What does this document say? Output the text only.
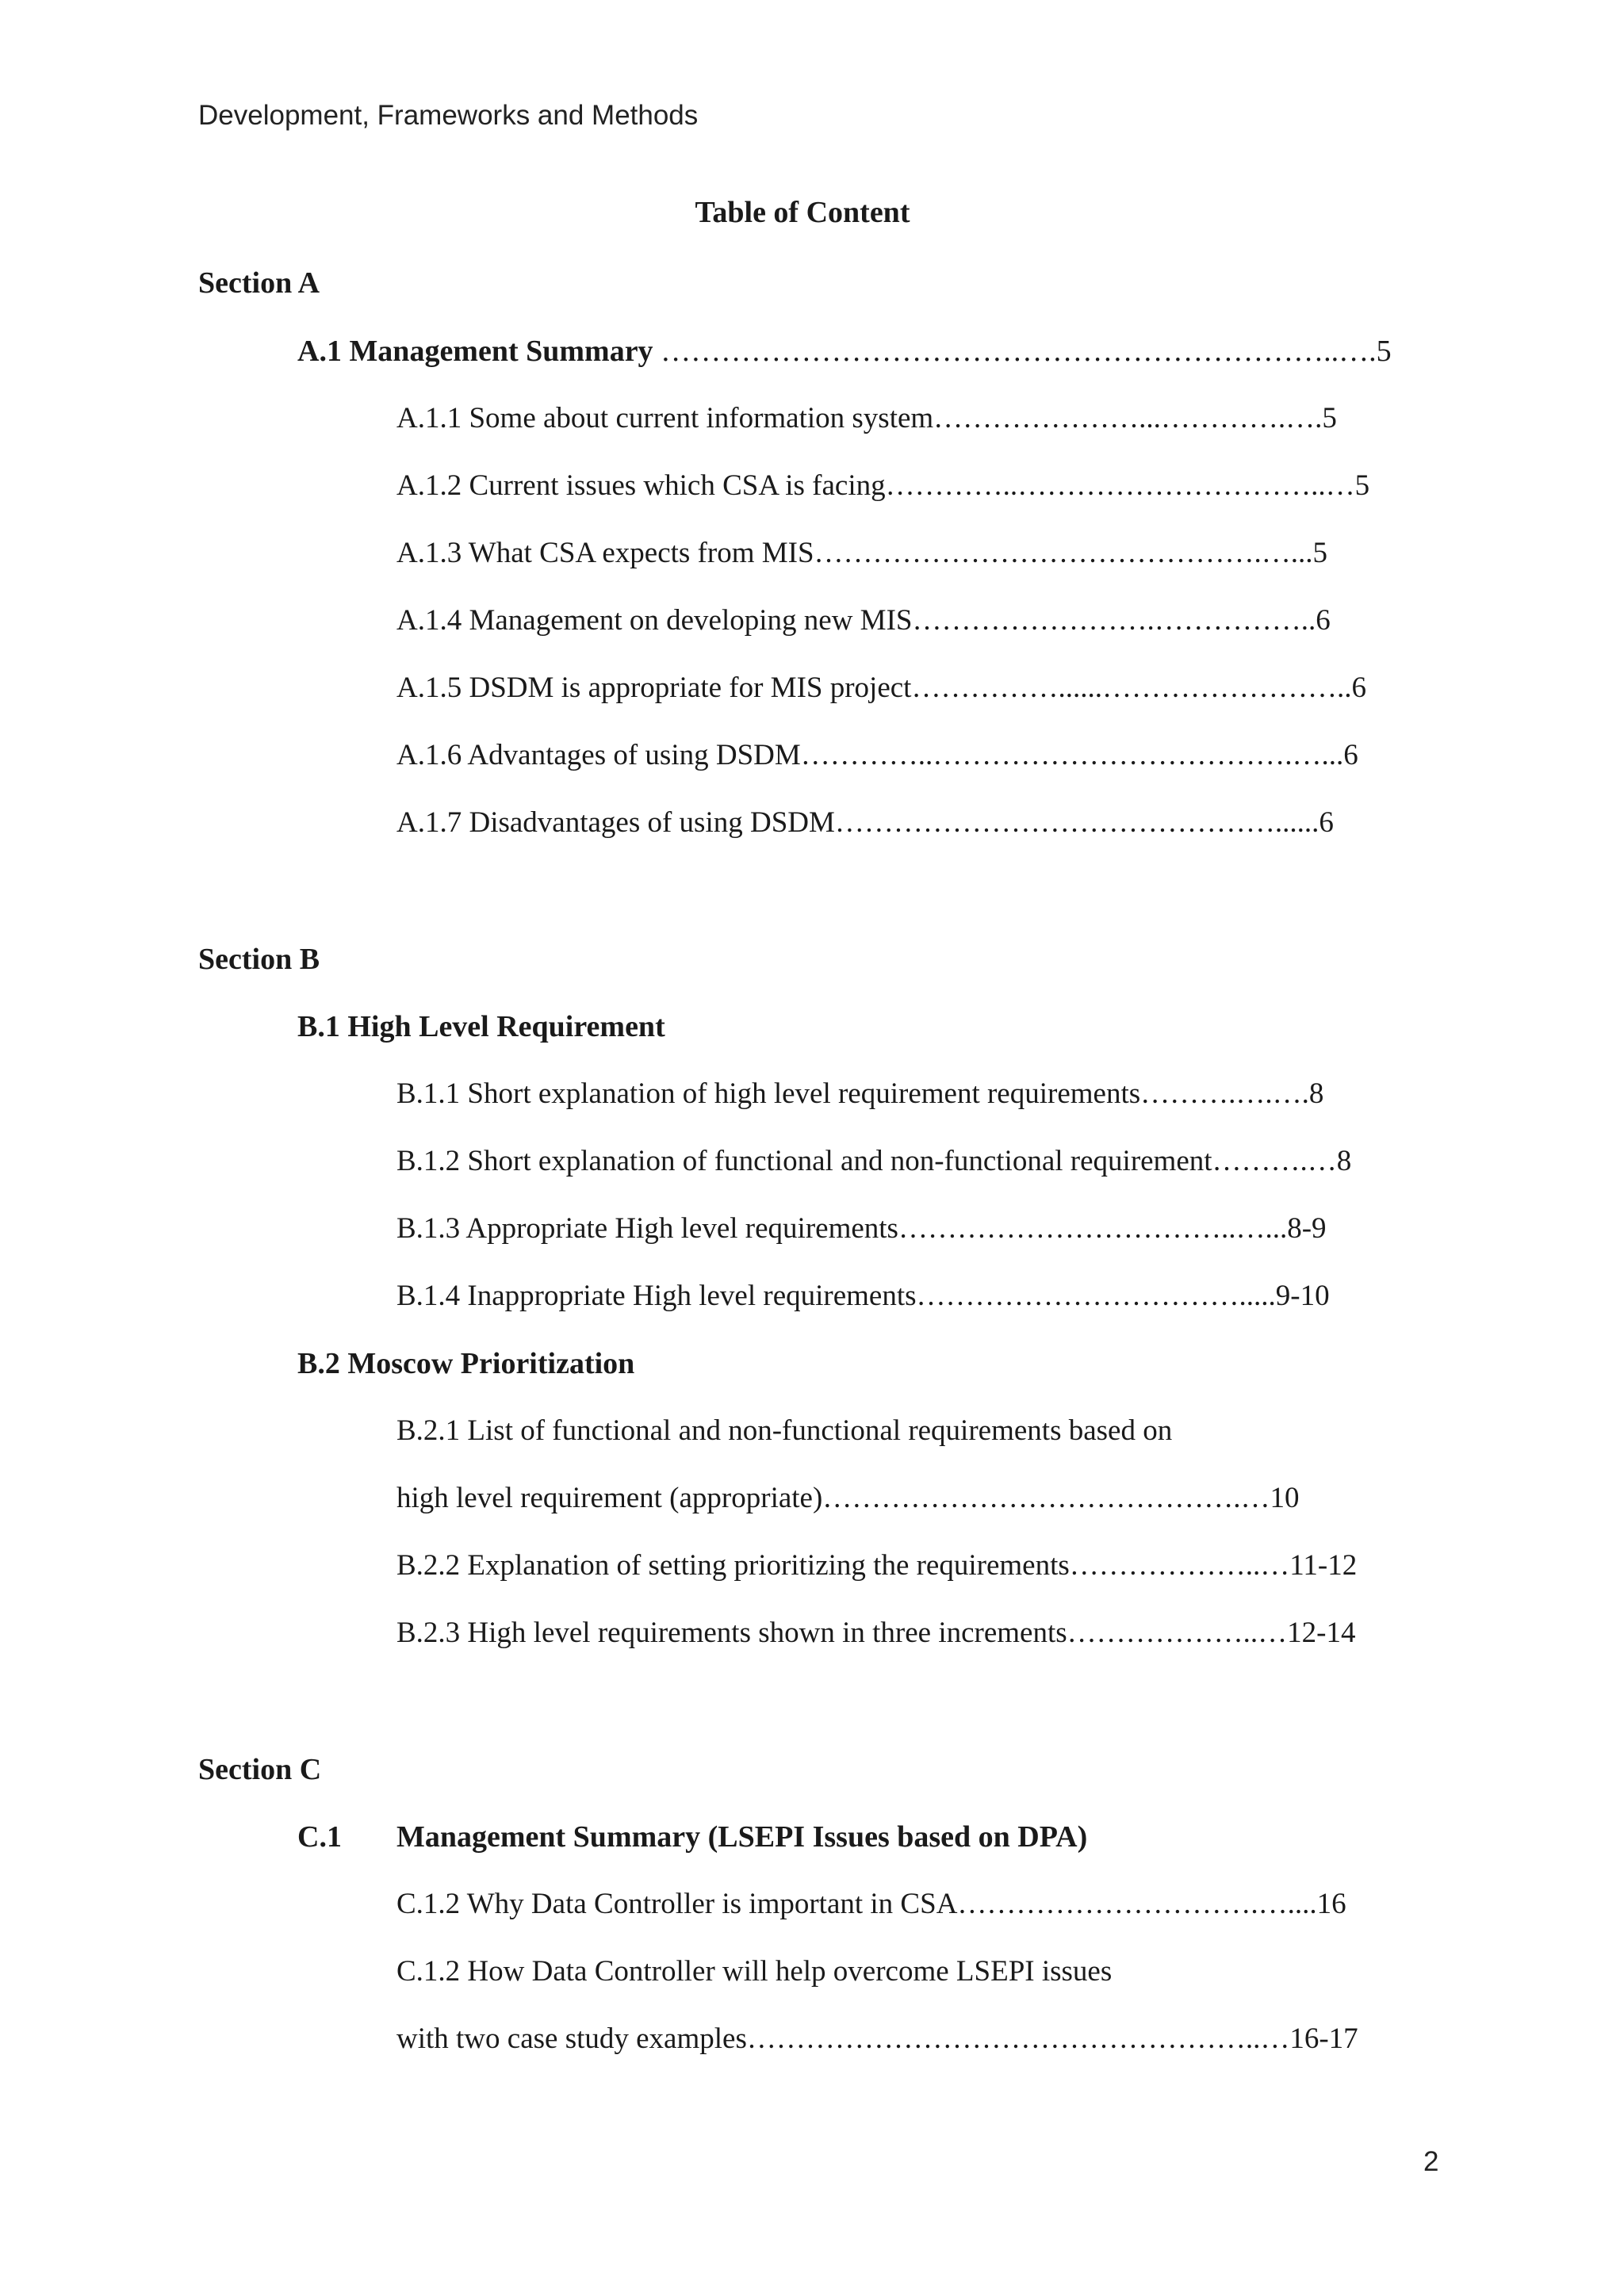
Development, Frameworks and Methods
Table of Content
Section A
A.1 Management Summary …………………………………………………………..….5
A.1.1 Some about current information system…………………...………….….5
A.1.2 Current issues which CSA is facing…………..…………………………..…5
A.1.3 What CSA expects from MIS……………………………………….…...5
A.1.4 Management on developing new MIS…………………….……………..6
A.1.5 DSDM is appropriate for MIS project……………......……………………..6
A.1.6 Advantages of using DSDM…………..……………………………….…...6
A.1.7 Disadvantages of using DSDM………………………………………......6
Section B
B.1 High Level Requirement
B.1.1 Short explanation of high level requirement requirements……….….….8
B.1.2 Short explanation of functional and non-functional requirement……….…8
B.1.3 Appropriate High level requirements……………………………..…...8-9
B.1.4 Inappropriate High level requirements…………………………….....9-10
B.2 Moscow Prioritization
B.2.1 List of functional and non-functional requirements based on
high level requirement (appropriate)…………………………………….…10
B.2.2 Explanation of setting prioritizing the requirements………………..…11-12
B.2.3 High level requirements shown in three increments………………..…12-14
Section C
C.1 Management Summary (LSEPI Issues based on DPA)
C.1.2 Why Data Controller is important in CSA………………………….…....16
C.1.2 How Data Controller will help overcome LSEPI issues
with two case study examples……………………………………………..…16-17
2
